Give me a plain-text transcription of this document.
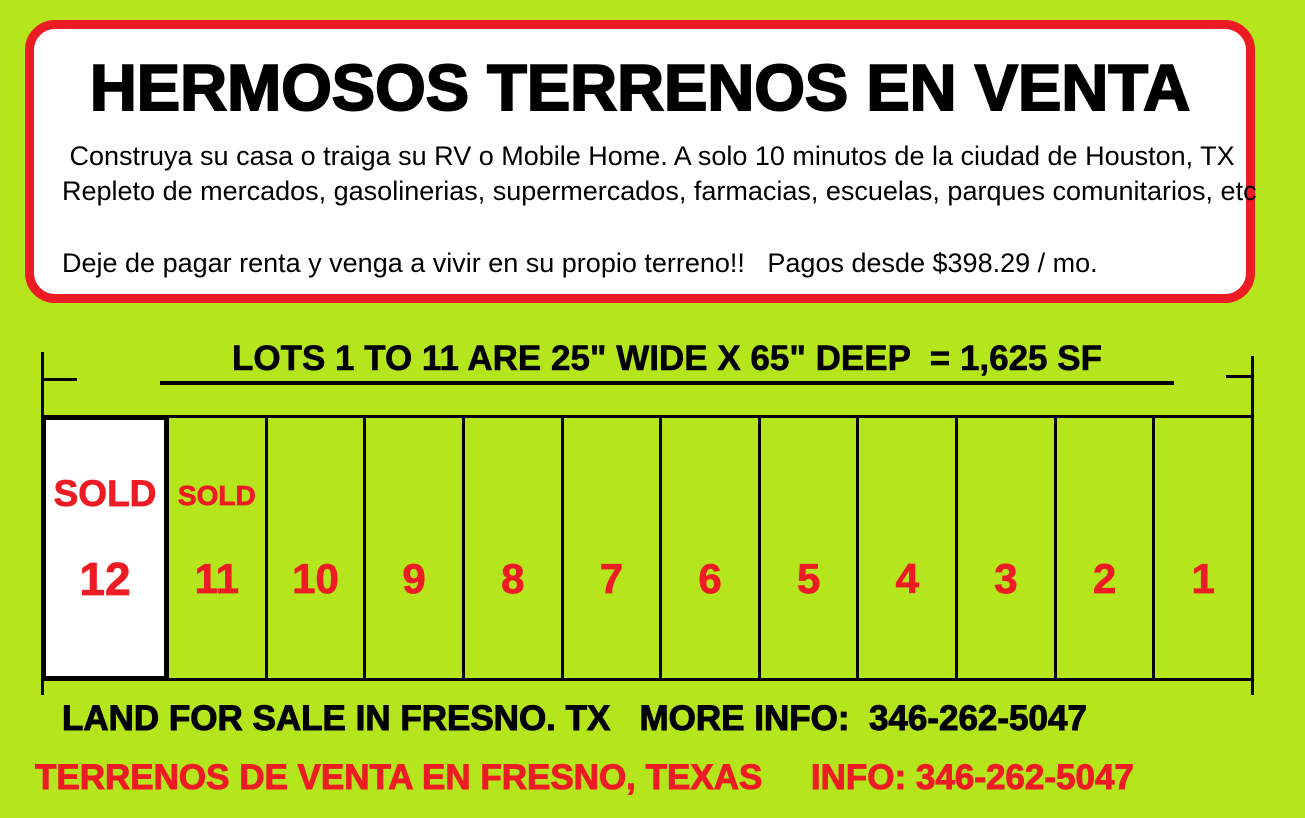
HERMOSOS TERRENOS EN VENTA
Construya su casa o traiga su RV o Mobile Home. A solo 10 minutos de la ciudad de Houston, TX
Repleto de mercados, gasolinerias, supermercados, farmacias, escuelas, parques comunitarios, etc
Deje de pagar renta y venga a vivir en su propio terreno!!   Pagos desde $398.29 / mo.
LOTS 1 TO 11 ARE 25" WIDE X 65" DEEP  = 1,625 SF
SOLD
12
SOLD
11	10	9	8	7	6	5	4	3	2	1
LAND FOR SALE IN FRESNO. TX   MORE INFO:  346-262-5047
TERRENOS DE VENTA EN FRESNO, TEXAS     INFO: 346-262-5047
